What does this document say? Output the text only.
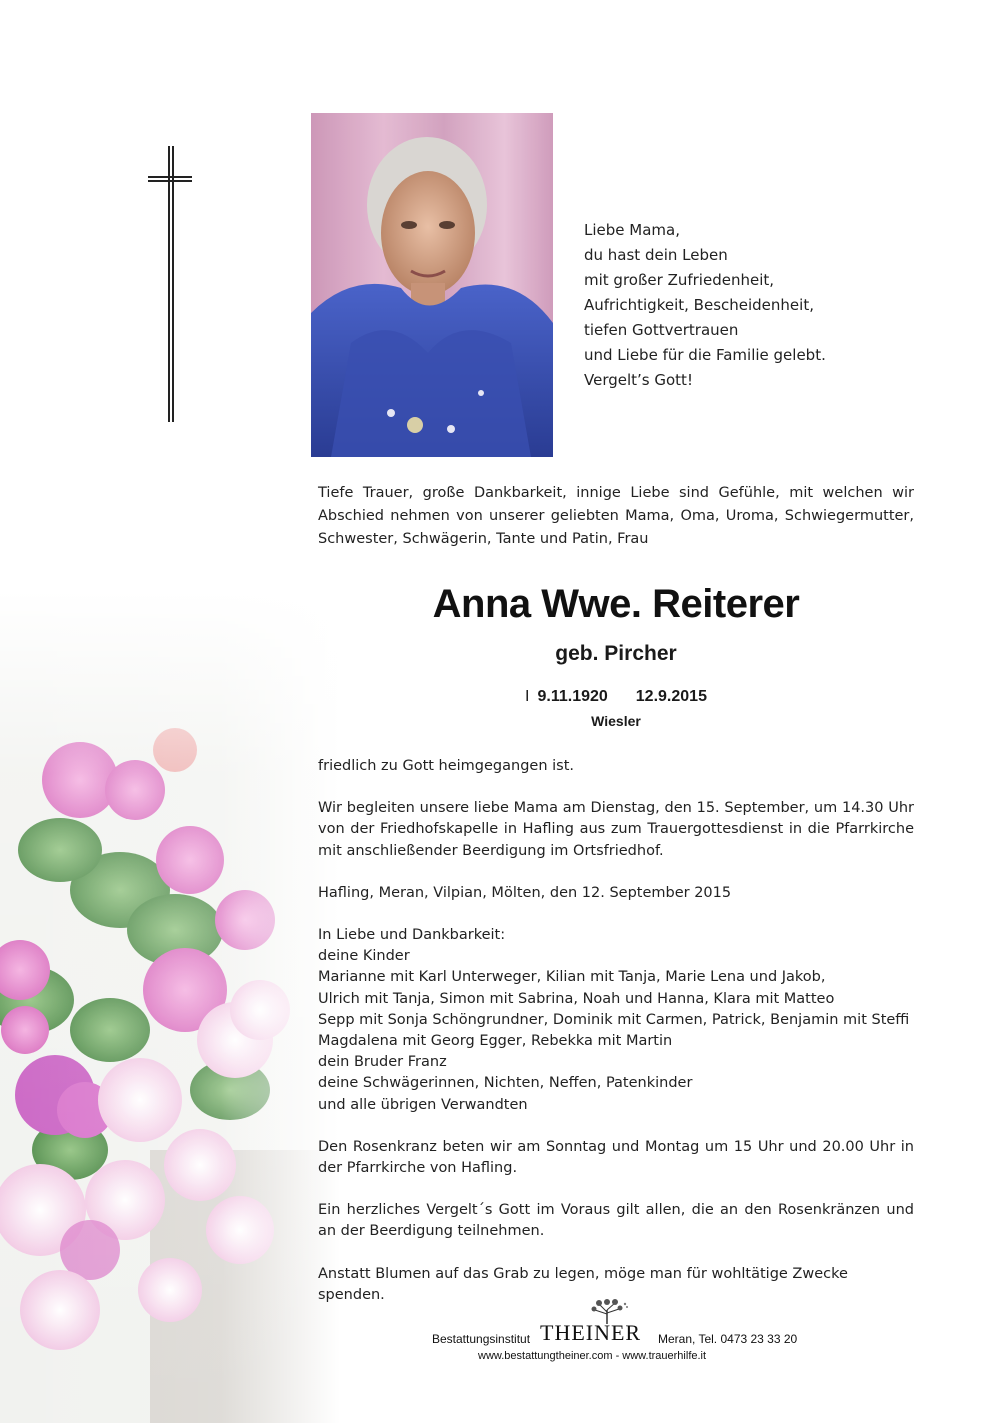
Liebe Mama,
du hast dein Leben
mit großer Zufriedenheit,
Aufrichtigkeit, Bescheidenheit,
tiefen Gottvertrauen
und Liebe für die Familie gelebt.
Vergelt’s Gott!
Tiefe Trauer, große Dankbarkeit, innige Liebe sind Gefühle, mit welchen wir Abschied nehmen von unserer geliebten Mama, Oma, Uroma, Schwiegermutter, Schwester, Schwägerin, Tante und Patin, Frau
Anna Wwe. Reiterer
geb. Pircher
I 9.11.1920 12.9.2015
Wiesler

friedlich zu Gott heimgegangen ist.

Wir begleiten unsere liebe Mama am Dienstag, den 15. September, um 14.30 Uhr von der Friedhofskapelle in Hafling aus zum Trauergottesdienst in die Pfarrkirche mit anschließender Beerdigung im Ortsfriedhof.

Hafling, Meran, Vilpian, Mölten, den 12. September 2015

In Liebe und Dankbarkeit:
deine Kinder
Marianne mit Karl Unterweger, Kilian mit Tanja, Marie Lena und Jakob,
Ulrich mit Tanja, Simon mit Sabrina, Noah und Hanna, Klara mit Matteo
Sepp mit Sonja Schöngrundner, Dominik mit Carmen, Patrick, Benjamin mit Steffi
Magdalena mit Georg Egger, Rebekka mit Martin
dein Bruder Franz
deine Schwägerinnen, Nichten, Neffen, Patenkinder
und alle übrigen Verwandten

Den Rosenkranz beten wir am Sonntag und Montag um 15 Uhr und 20.00 Uhr in der Pfarrkirche von Hafling.

Ein herzliches Vergelt´s Gott im Voraus gilt allen, die an den Rosenkränzen und an der Beerdigung teilnehmen.

Anstatt Blumen auf das Grab zu legen, möge man für wohltätige Zwecke spenden.

Bestattungsinstitut THEINER Meran, Tel. 0473 23 33 20
www.bestattungtheiner.com - www.trauerhilfe.it
